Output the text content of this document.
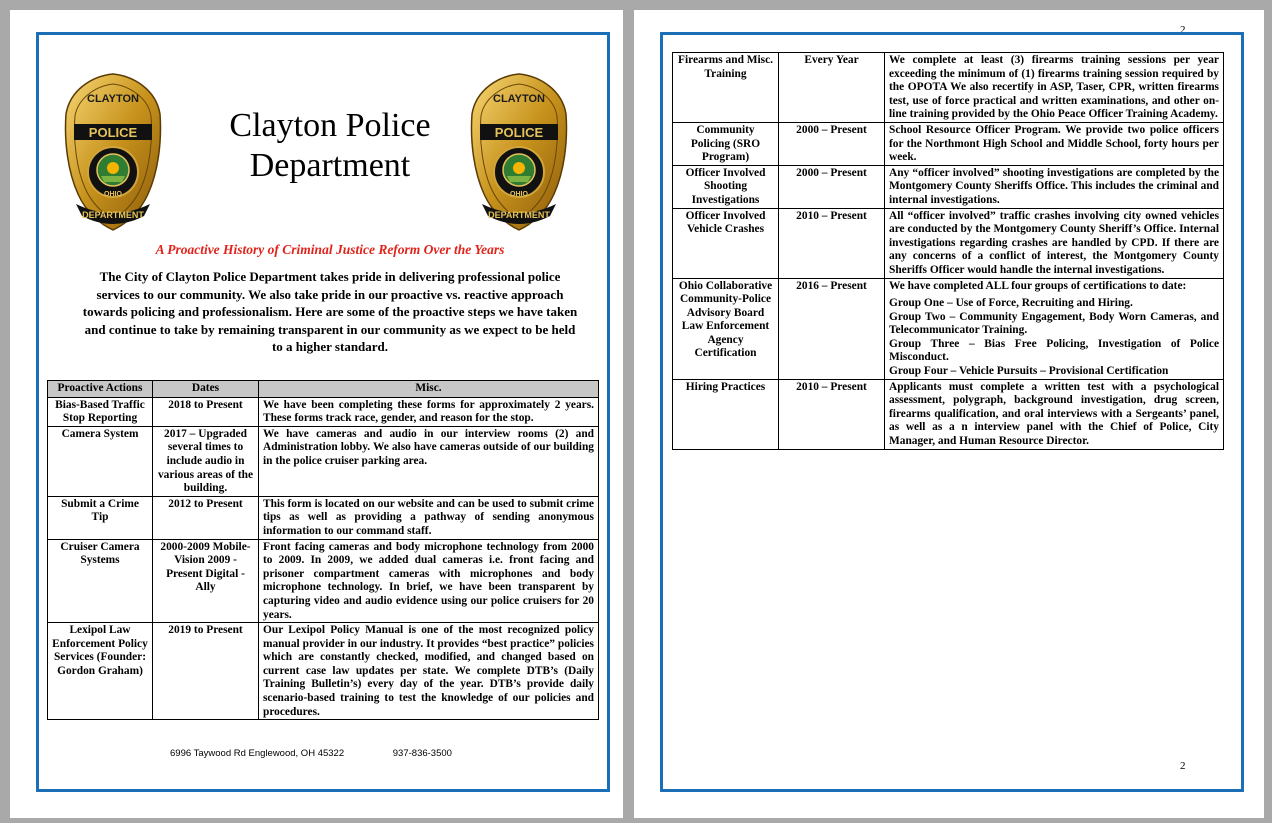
CLAYTON
POLICE
OHIO
DEPARTMENT
Clayton Police Department
CLAYTON
POLICE
OHIO
DEPARTMENT
A Proactive History of Criminal Justice Reform Over the Years
The City of Clayton Police Department takes pride in delivering professional police services to our community. We also take pride in our proactive vs. reactive approach towards policing and professionalism. Here are some of the proactive steps we have taken and continue to take by remaining transparent in our community as we expect to be held to a higher standard.
Proactive Actions	Dates	Misc.
Bias-Based Traffic Stop Reporting	2018 to Present	We have been completing these forms for approximately 2 years. These forms track race, gender, and reason for the stop.
Camera System	2017 – Upgraded several times to include audio in various areas of the building.	We have cameras and audio in our interview rooms (2) and Administration lobby. We also have cameras outside of our building in the police cruiser parking area.
Submit a Crime Tip	2012 to Present	This form is located on our website and can be used to submit crime tips as well as providing a pathway of sending anonymous information to our command staff.
Cruiser Camera Systems	2000-2009 Mobile-Vision 2009 - Present Digital - Ally	Front facing cameras and body microphone technology from 2000 to 2009. In 2009, we added dual cameras i.e. front facing and prisoner compartment cameras with microphones and body microphone technology. In brief, we have been transparent by capturing video and audio evidence using our police cruisers for 20 years.
Lexipol Law Enforcement Policy Services (Founder: Gordon Graham)	2019 to Present	Our Lexipol Policy Manual is one of the most recognized policy manual provider in our industry. It provides “best practice” policies which are constantly checked, modified, and changed based on current case law updates per state. We complete DTB’s (Daily Training Bulletin’s) every day of the year. DTB’s provide daily scenario-based training to test the knowledge of our policies and procedures.
6996 Taywood Rd Englewood, OH 45322	937-836-3500
2
Firearms and Misc. Training	Every Year	We complete at least (3) firearms training sessions per year exceeding the minimum of (1) firearms training session required by the OPOTA We also recertify in ASP, Taser, CPR, written firearms test, use of force practical and written examinations, and other on-line training provided by the Ohio Peace Officer Training Academy.
Community Policing (SRO Program)	2000 – Present	School Resource Officer Program. We provide two police officers for the Northmont High School and Middle School, forty hours per week.
Officer Involved Shooting Investigations	2000 – Present	Any “officer involved” shooting investigations are completed by the Montgomery County Sheriffs Office. This includes the criminal and internal investigations.
Officer Involved Vehicle Crashes	2010 – Present	All “officer involved” traffic crashes involving city owned vehicles are conducted by the Montgomery County Sheriff’s Office. Internal investigations regarding crashes are handled by CPD. If there are any concerns of a conflict of interest, the Montgomery County Sheriffs Officer would handle the internal investigations.
Ohio Collaborative Community-Police Advisory Board Law Enforcement Agency Certification	2016 – Present	We have completed ALL four groups of certifications to date:
Group One – Use of Force, Recruiting and Hiring.
Group Two – Community Engagement, Body Worn Cameras, and Telecommunicator Training.
Group Three – Bias Free Policing, Investigation of Police Misconduct.
Group Four – Vehicle Pursuits – Provisional Certification

Hiring Practices	2010 – Present	Applicants must complete a written test with a psychological assessment, polygraph, background investigation, drug screen, firearms qualification, and oral interviews with a Sergeants’ panel, as well as a n interview panel with the Chief of Police, City Manager, and Human Resource Director.
2
